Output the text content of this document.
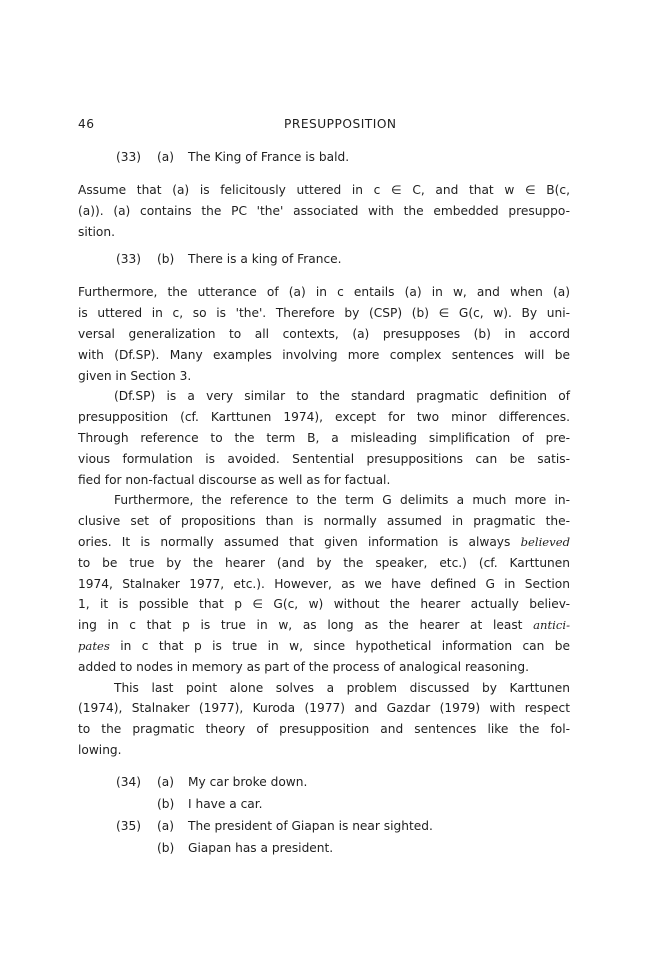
46	PRESUPPOSITION
(33) (a) The King of France is bald.
Assume that (a) is felicitously uttered in c ∈ C, and that w ∈ B(c,
(a)). (a) contains the PC 'the' associated with the embedded presuppo-
sition.
(33) (b) There is a king of France.
Furthermore, the utterance of (a) in c entails (a) in w, and when (a)
is uttered in c, so is 'the'. Therefore by (CSP) (b) ∈ G(c, w). By uni-
versal generalization to all contexts, (a) presupposes (b) in accord
with (Df.SP). Many examples involving more complex sentences will be
given in Section 3.
(Df.SP) is a very similar to the standard pragmatic definition of
presupposition (cf. Karttunen 1974), except for two minor differences.
Through reference to the term B, a misleading simplification of pre-
vious formulation is avoided. Sentential presuppositions can be satis-
fied for non-factual discourse as well as for factual.
Furthermore, the reference to the term G delimits a much more in-
clusive set of propositions than is normally assumed in pragmatic the-
ories. It is normally assumed that given information is always believed
to be true by the hearer (and by the speaker, etc.) (cf. Karttunen
1974, Stalnaker 1977, etc.). However, as we have defined G in Section
1, it is possible that p ∈ G(c, w) without the hearer actually believ-
ing in c that p is true in w, as long as the hearer at least antici-
pates in c that p is true in w, since hypothetical information can be
added to nodes in memory as part of the process of analogical reasoning.
This last point alone solves a problem discussed by Karttunen
(1974), Stalnaker (1977), Kuroda (1977) and Gazdar (1979) with respect
to the pragmatic theory of presupposition and sentences like the fol-
lowing.
(34) (a) My car broke down.
(b) I have a car.
(35) (a) The president of Giapan is near sighted.
(b) Giapan has a president.
